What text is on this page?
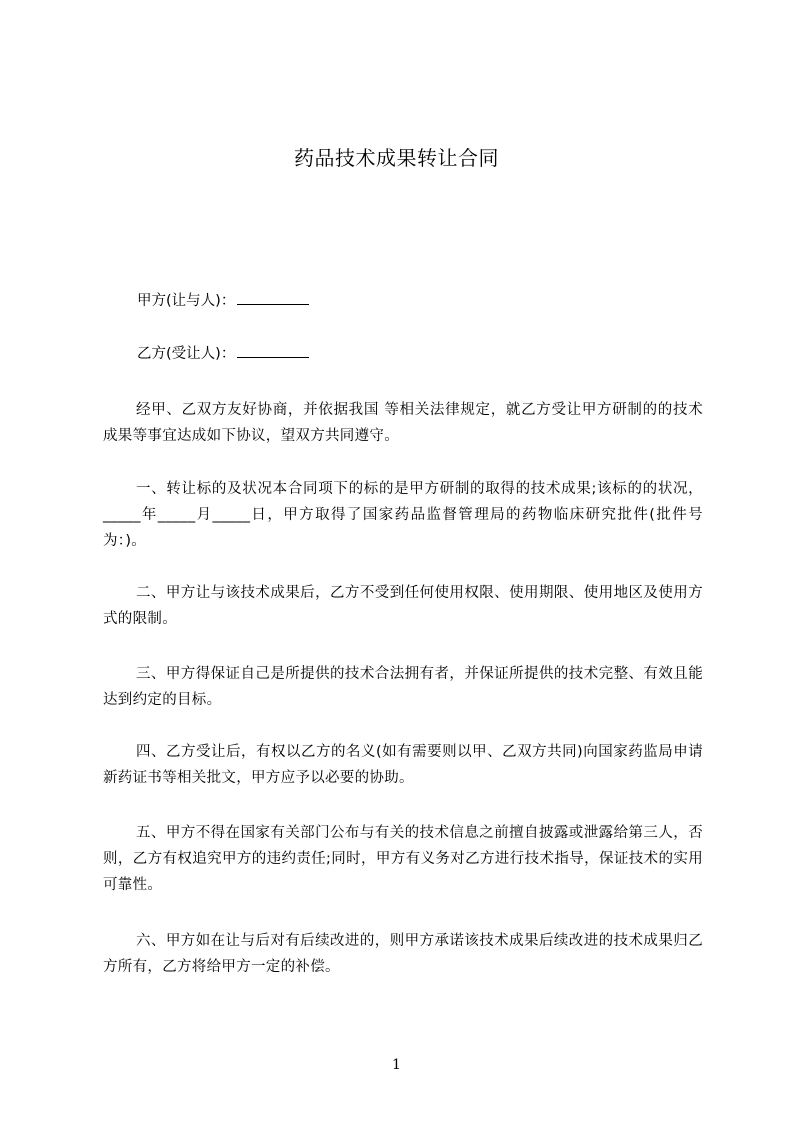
药品技术成果转让合同
甲方(让与人)：
乙方(受让人)：

经甲、乙双方友好协商，并依据我国 等相关法律规定，就乙方受让甲方研制的的技术成果等事宜达成如下协议，望双方共同遵守。

一、转让标的及状况本合同项下的标的是甲方研制的取得的技术成果;该标的的状况，_____年_____月_____日，甲方取得了国家药品监督管理局的药物临床研究批件(批件号为：)。

二、甲方让与该技术成果后，乙方不受到任何使用权限、使用期限、使用地区及使用方式的限制。

三、甲方得保证自己是所提供的技术合法拥有者，并保证所提供的技术完整、有效且能达到约定的目标。

四、乙方受让后，有权以乙方的名义(如有需要则以甲、乙双方共同)向国家药监局申请新药证书等相关批文，甲方应予以必要的协助。

五、甲方不得在国家有关部门公布与有关的技术信息之前擅自披露或泄露给第三人，否则，乙方有权追究甲方的违约责任;同时，甲方有义务对乙方进行技术指导，保证技术的实用可靠性。

六、甲方如在让与后对有后续改进的，则甲方承诺该技术成果后续改进的技术成果归乙方所有，乙方将给甲方一定的补偿。

1
